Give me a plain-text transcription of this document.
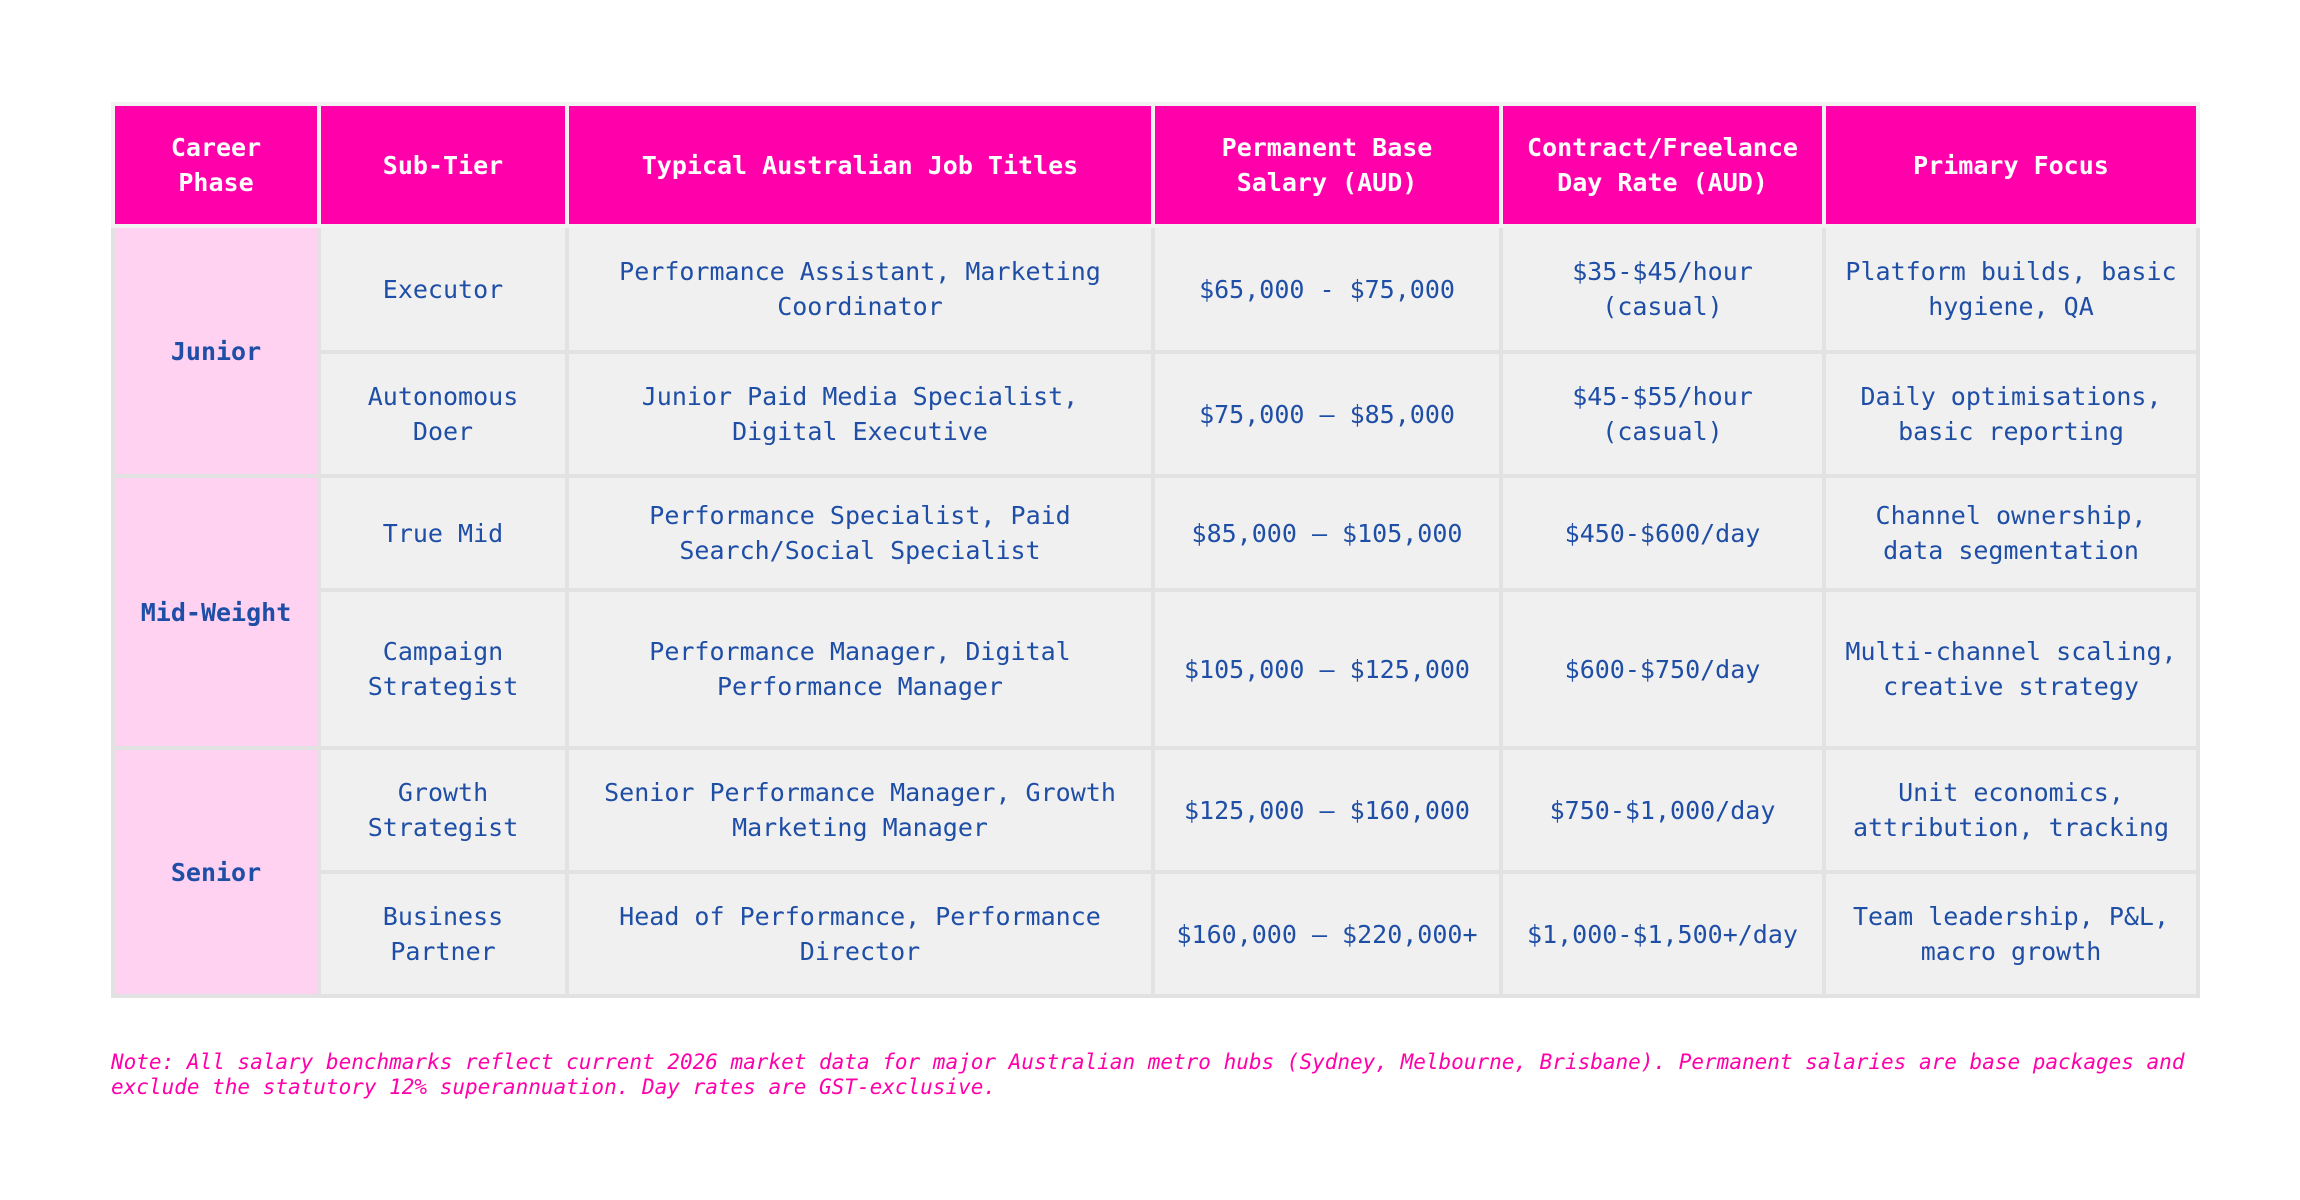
Career Phase	Sub-Tier	Typical Australian Job Titles	Permanent Base Salary (AUD)	Contract/Freelance Day Rate (AUD)	Primary Focus
Junior	Executor	Performance Assistant, Marketing Coordinator	$65,000 - $75,000	$35-$45/hour (casual)	Platform builds, basic hygiene, QA
	Autonomous Doer	Junior Paid Media Specialist, Digital Executive	$75,000 – $85,000	$45-$55/hour (casual)	Daily optimisations, basic reporting
Mid-Weight	True Mid	Performance Specialist, Paid Search/Social Specialist	$85,000 – $105,000	$450-$600/day	Channel ownership, data segmentation
	Campaign Strategist	Performance Manager, Digital Performance Manager	$105,000 – $125,000	$600-$750/day	Multi-channel scaling, creative strategy
Senior	Growth Strategist	Senior Performance Manager, Growth Marketing Manager	$125,000 – $160,000	$750-$1,000/day	Unit economics, attribution, tracking
	Business Partner	Head of Performance, Performance Director	$160,000 – $220,000+	$1,000-$1,500+/day	Team leadership, P&L, macro growth
Note: All salary benchmarks reflect current 2026 market data for major Australian metro hubs (Sydney, Melbourne, Brisbane). Permanent salaries are base packages and exclude the statutory 12% superannuation. Day rates are GST-exclusive.
